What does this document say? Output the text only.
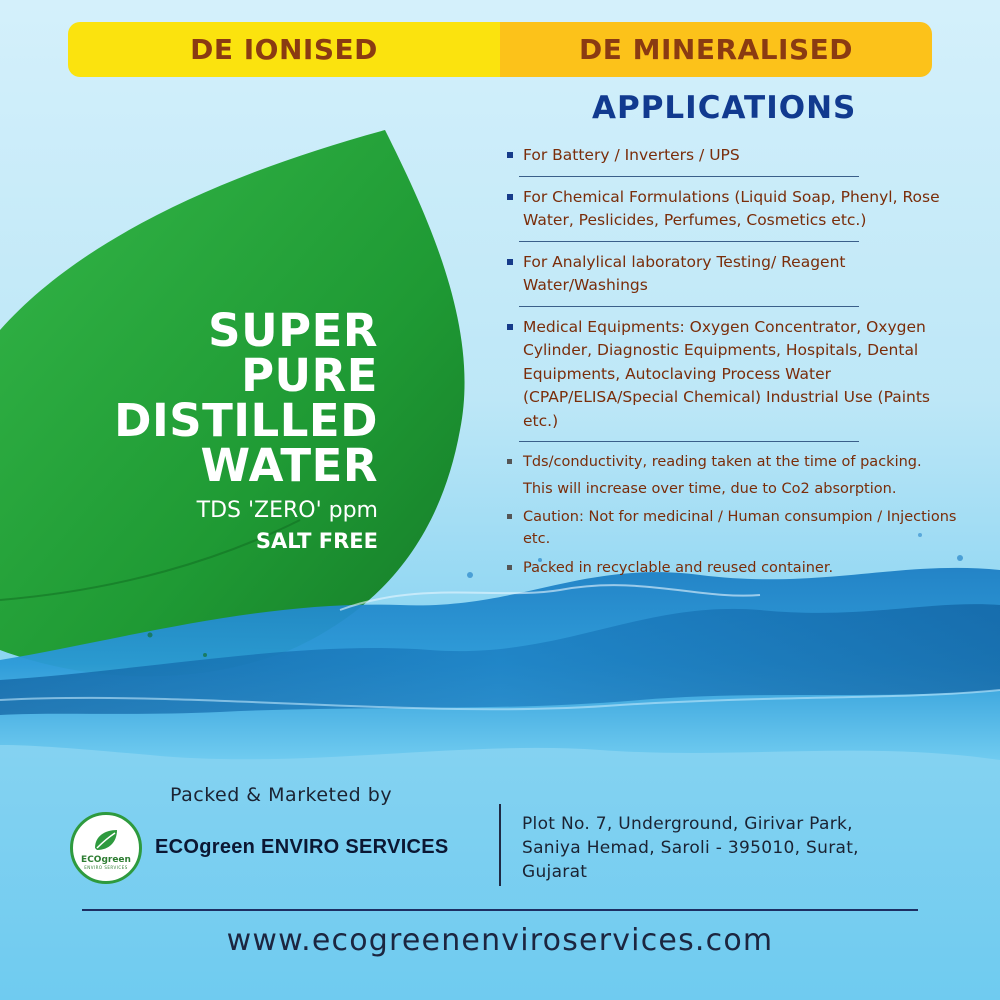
DE IONISED	DE MINERALISED
SUPER
PURE
DISTILLED
WATER
TDS 'ZERO' ppm
SALT FREE
APPLICATIONS
For Battery / Inverters / UPS
For Chemical Formulations (Liquid Soap, Phenyl, Rose Water, Peslicides, Perfumes, Cosmetics etc.)
For Analylical laboratory Testing/ Reagent Water/Washings
Medical Equipments: Oxygen Concentrator, Oxygen Cylinder, Diagnostic Equipments, Hospitals, Dental Equipments, Autoclaving Process Water (CPAP/ELISA/Special Chemical) Industrial Use (Paints etc.)
Tds/conductivity, reading taken at the time of packing.
This will increase over time, due to Co2 absorption.
Caution: Not for medicinal / Human consumpion / Injections etc.
Packed in recyclable and reused container.
Packed & Marketed by
ECOgreen
ENVIRO SERVICES
ECOgreen ENVIRO SERVICES
Plot No. 7, Underground, Girivar Park,
Saniya Hemad, Saroli - 395010, Surat,
Gujarat
www.ecogreenenviroservices.com
